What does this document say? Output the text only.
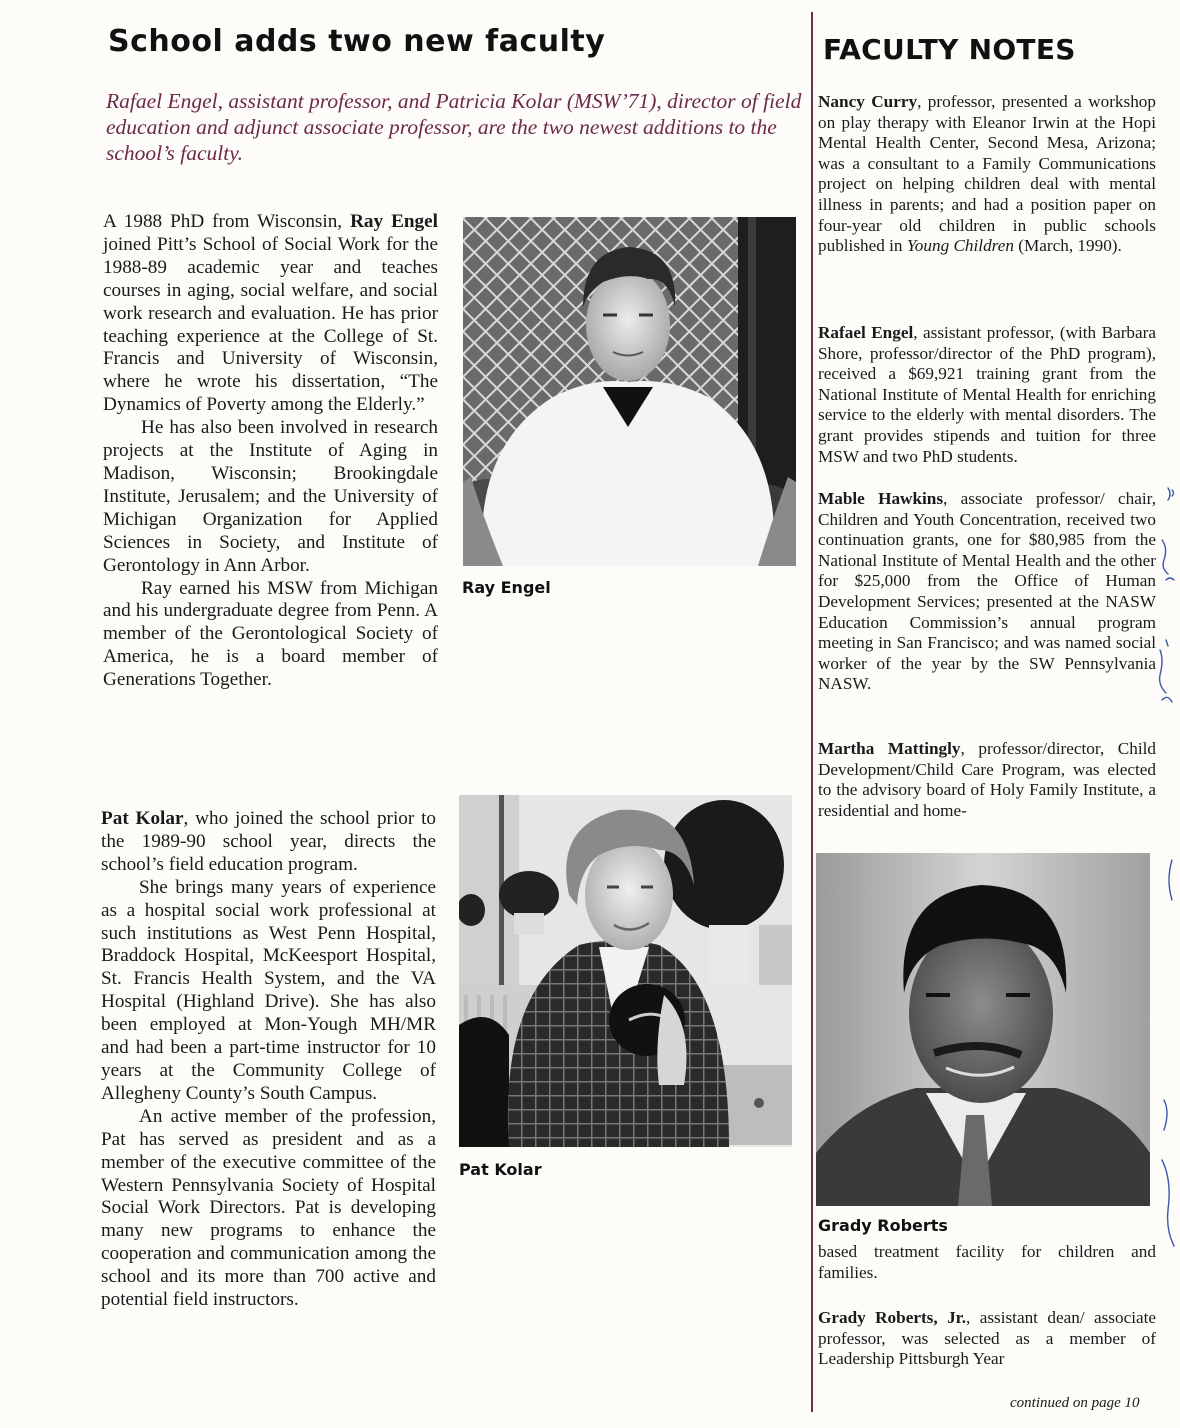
School adds two new faculty
Rafael Engel, assistant professor, and Patricia Kolar (MSW’71), director of field education and adjunct associate professor, are the two newest additions to the school’s faculty.

A 1988 PhD from Wisconsin, Ray Engel joined Pitt’s School of Social Work for the 1988-89 academic year and teaches courses in aging, social welfare, and social work research and evaluation. He has prior teaching experience at the College of St. Francis and University of Wisconsin, where he wrote his dissertation, “The Dynamics of Poverty among the Elderly.”

He has also been involved in research projects at the Institute of Aging in Madison, Wisconsin; Brookingdale Institute, Jerusalem; and the University of Michigan Organization for Applied Sciences in Society, and Institute of Gerontology in Ann Arbor.

Ray earned his MSW from Michigan and his undergraduate degree from Penn. A member of the Gerontological Society of America, he is a board member of Generations Together.

Pat Kolar, who joined the school prior to the 1989-90 school year, directs the school’s field education program.

She brings many years of experience as a hospital social work professional at such institutions as West Penn Hospital, Braddock Hospital, McKeesport Hospital, St. Francis Health System, and the VA Hospital (Highland Drive). She has also been employed at Mon-Yough MH/MR and had been a part-time instructor for 10 years at the Community College of Allegheny County’s South Campus.

An active member of the profession, Pat has served as president and as a member of the executive committee of the Western Pennsylvania Society of Hospital Social Work Directors. Pat is developing many new programs to enhance the cooperation and communication among the school and its more than 700 active and potential field instructors.

Ray Engel
Pat Kolar
FACULTY NOTES

Nancy Curry, professor, presented a workshop on play therapy with Eleanor Irwin at the Hopi Mental Health Center, Second Mesa, Arizona; was a consultant to a Family Communications project on helping children deal with mental illness in parents; and had a position paper on four-year old children in public schools published in Young Children (March, 1990).

Rafael Engel, assistant professor, (with Barbara Shore, professor/director of the PhD program), received a $69,921 training grant from the National Institute of Mental Health for enriching service to the elderly with mental disorders. The grant provides stipends and tuition for three MSW and two PhD students.

Mable Hawkins, associate professor/ chair, Children and Youth Concentration, received two continuation grants, one for $80,985 from the National Institute of Mental Health and the other for $25,000 from the Office of Human Development Services; presented at the NASW Education Commission’s annual program meeting in San Francisco; and was named social worker of the year by the SW Pennsylvania NASW.

Martha Mattingly, professor/director, Child Development/Child Care Program, was elected to the advisory board of Holy Family Institute, a residential and home-

Grady Roberts

based treatment facility for children and families.

Grady Roberts, Jr., assistant dean/ associate professor, was selected as a member of Leadership Pittsburgh Year

continued on page 10
